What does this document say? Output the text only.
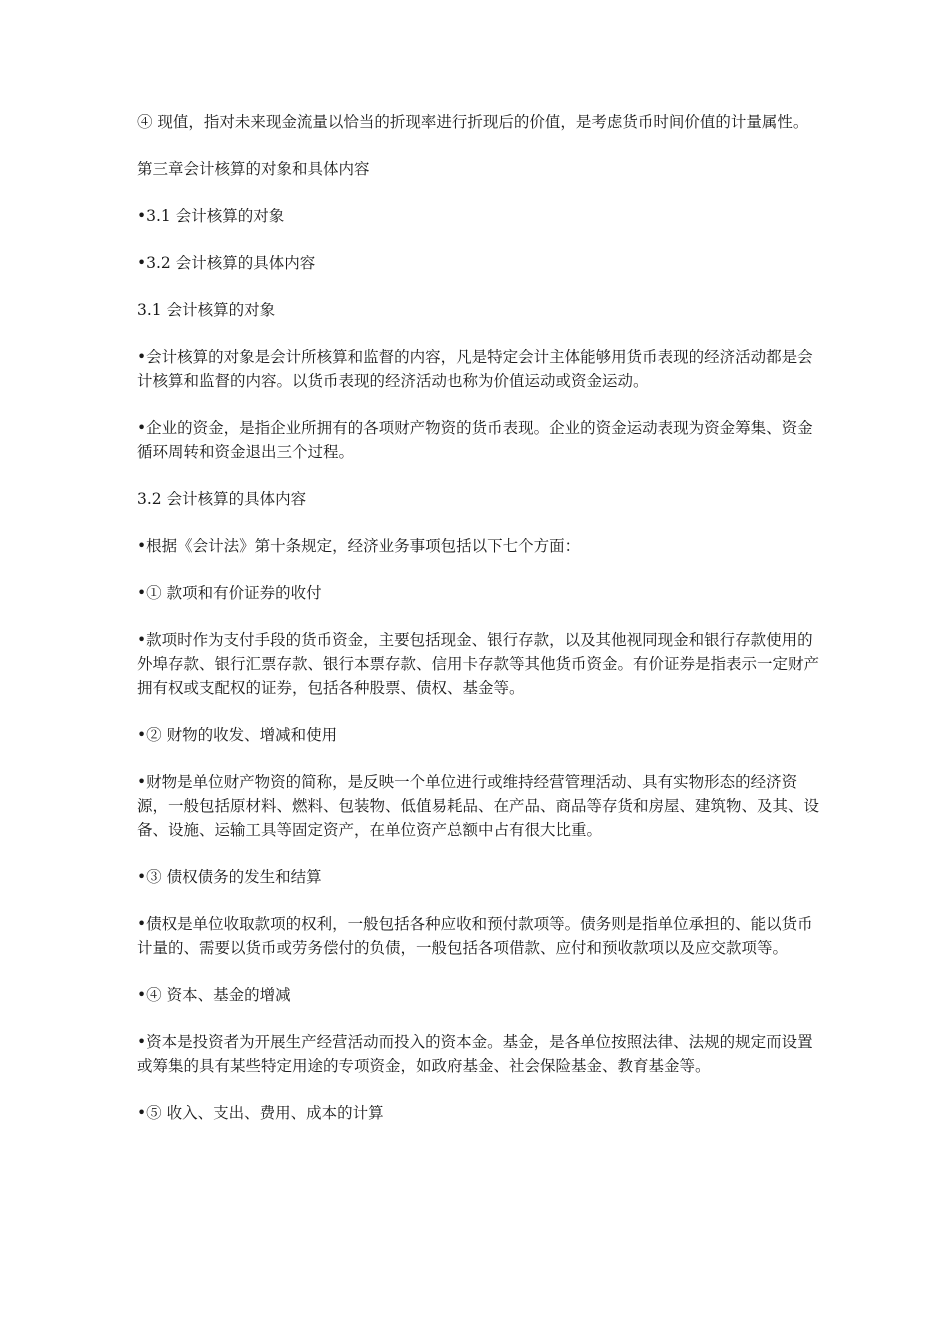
④ 现值，指对未来现金流量以恰当的折现率进行折现后的价值，是考虑货币时间价值的计量属性。

第三章会计核算的对象和具体内容

•3.1 会计核算的对象

•3.2 会计核算的具体内容

3.1 会计核算的对象

•会计核算的对象是会计所核算和监督的内容，凡是特定会计主体能够用货币表现的经济活动都是会计核算和监督的内容。以货币表现的经济活动也称为价值运动或资金运动。

•企业的资金，是指企业所拥有的各项财产物资的货币表现。企业的资金运动表现为资金筹集、资金循环周转和资金退出三个过程。

3.2 会计核算的具体内容

•根据《会计法》第十条规定，经济业务事项包括以下七个方面：

•① 款项和有价证券的收付

•款项时作为支付手段的货币资金，主要包括现金、银行存款，以及其他视同现金和银行存款使用的外埠存款、银行汇票存款、银行本票存款、信用卡存款等其他货币资金。有价证券是指表示一定财产拥有权或支配权的证券，包括各种股票、债权、基金等。

•② 财物的收发、增减和使用

•财物是单位财产物资的简称，是反映一个单位进行或维持经营管理活动、具有实物形态的经济资源，一般包括原材料、燃料、包装物、低值易耗品、在产品、商品等存货和房屋、建筑物、及其、设备、设施、运输工具等固定资产，在单位资产总额中占有很大比重。

•③ 债权债务的发生和结算

•债权是单位收取款项的权利，一般包括各种应收和预付款项等。债务则是指单位承担的、能以货币计量的、需要以货币或劳务偿付的负债，一般包括各项借款、应付和预收款项以及应交款项等。

•④ 资本、基金的增减

•资本是投资者为开展生产经营活动而投入的资本金。基金，是各单位按照法律、法规的规定而设置或筹集的具有某些特定用途的专项资金，如政府基金、社会保险基金、教育基金等。

•⑤ 收入、支出、费用、成本的计算
